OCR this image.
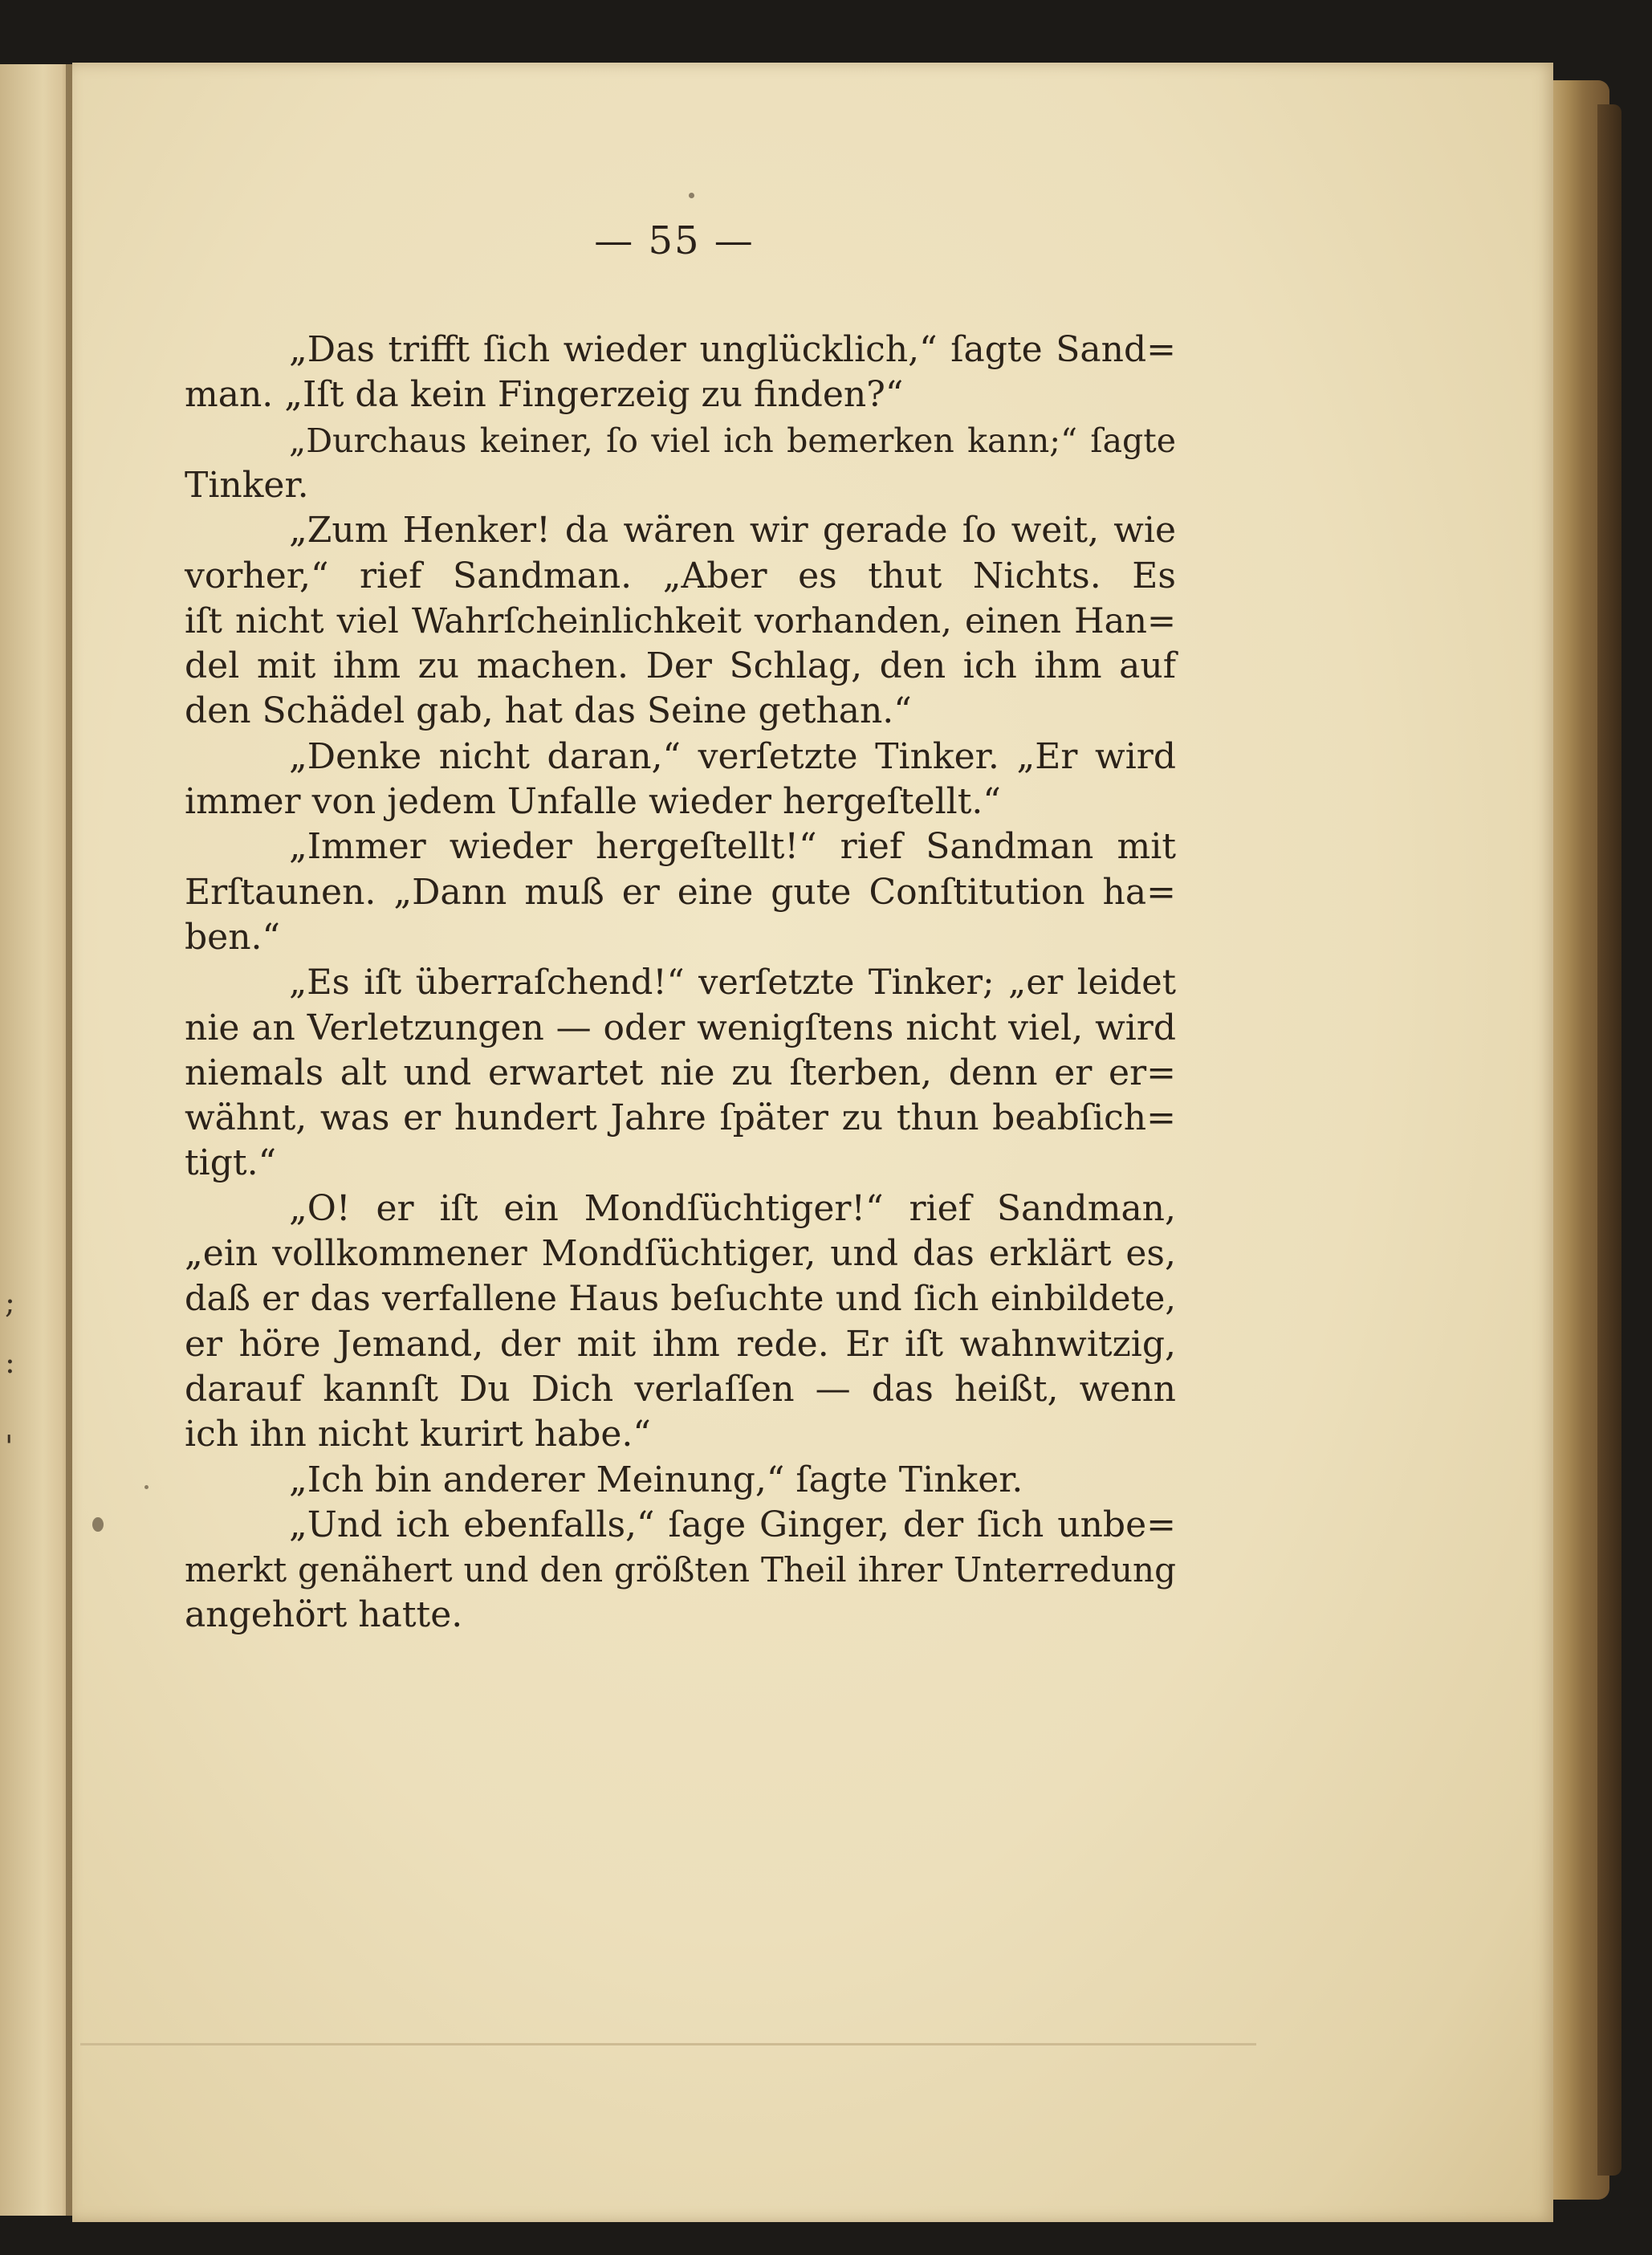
;
:
'
— 55 —
„Das trifft ſich wieder unglücklich,“ ſagte Sand=
man. „Iſt da kein Fingerzeig zu finden?“
„Durchaus keiner, ſo viel ich bemerken kann;“ ſagte
Tinker.
„Zum Henker! da wären wir gerade ſo weit, wie
vorher,“ rief Sandman. „Aber es thut Nichts. Es
iſt nicht viel Wahrſcheinlichkeit vorhanden, einen Han=
del mit ihm zu machen. Der Schlag, den ich ihm auf
den Schädel gab, hat das Seine gethan.“
„Denke nicht daran,“ verſetzte Tinker. „Er wird
immer von jedem Unfalle wieder hergeſtellt.“
„Immer wieder hergeſtellt!“ rief Sandman mit
Erſtaunen. „Dann muß er eine gute Conſtitution ha=
ben.“
„Es iſt überraſchend!“ verſetzte Tinker; „er leidet
nie an Verletzungen — oder wenigſtens nicht viel, wird
niemals alt und erwartet nie zu ſterben, denn er er=
wähnt, was er hundert Jahre ſpäter zu thun beabſich=
tigt.“
„O! er iſt ein Mondſüchtiger!“ rief Sandman,
„ein vollkommener Mondſüchtiger, und das erklärt es,
daß er das verfallene Haus beſuchte und ſich einbildete,
er höre Jemand, der mit ihm rede. Er iſt wahnwitzig,
darauf kannſt Du Dich verlaſſen — das heißt, wenn
ich ihn nicht kurirt habe.“
„Ich bin anderer Meinung,“ ſagte Tinker.
„Und ich ebenfalls,“ ſage Ginger, der ſich unbe=
merkt genähert und den größten Theil ihrer Unterredung
angehört hatte.
